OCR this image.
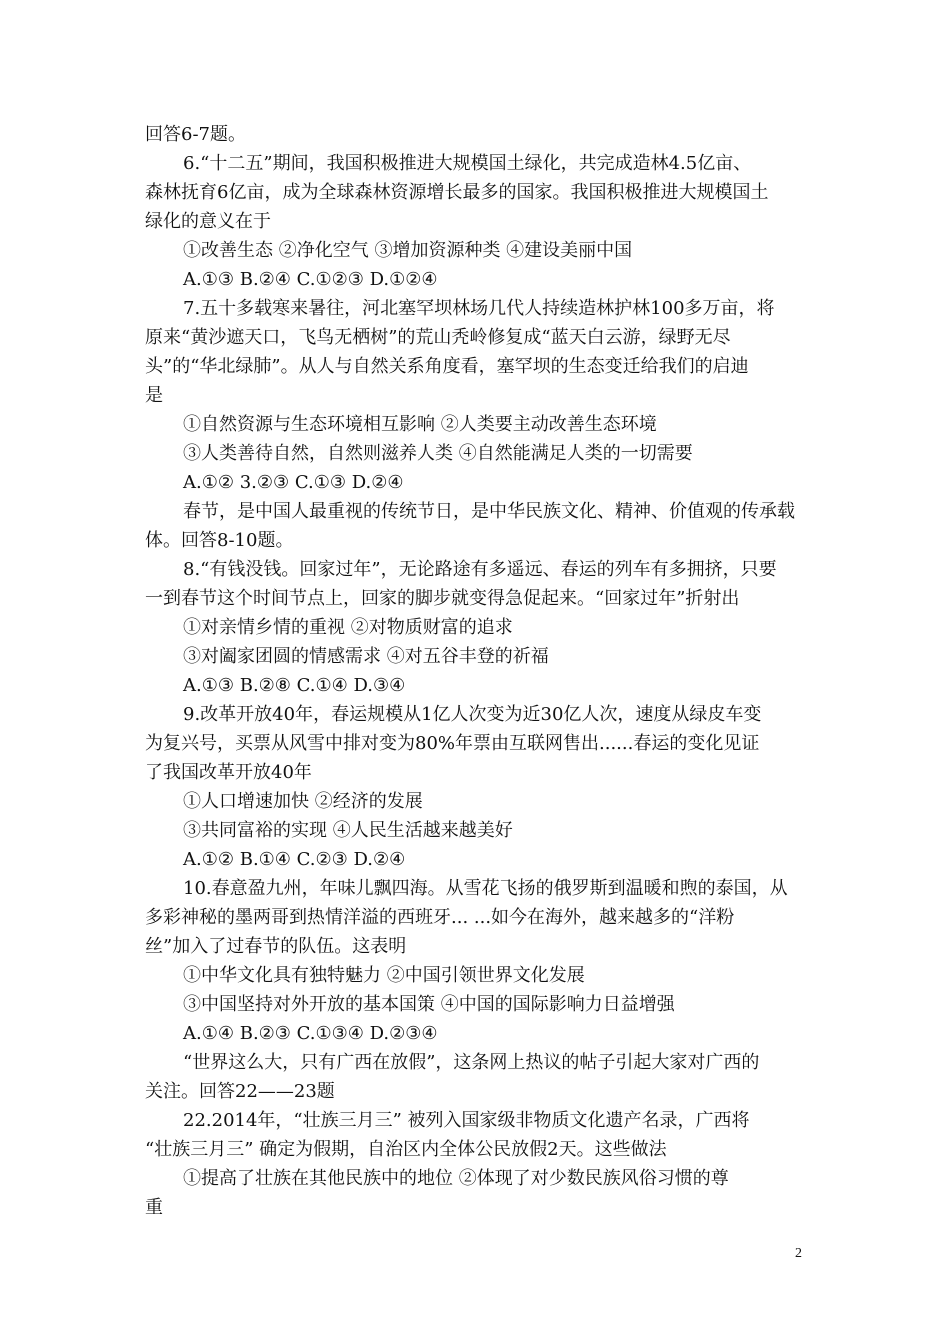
回答6-7题。
6.“十二五”期间，我国积极推进大规模国土绿化，共完成造林4.5亿亩、
森林抚育6亿亩，成为全球森林资源增长最多的国家。我国积极推进大规模国土
绿化的意义在于
①改善生态 ②净化空气 ③增加资源种类 ④建设美丽中国
A.①③ B.②④ C.①②③ D.①②④
7.五十多载寒来暑往，河北塞罕坝林场几代人持续造林护林100多万亩，将
原来“黄沙遮天口，飞鸟无栖树”的荒山秃岭修复成“蓝天白云游，绿野无尽
头”的“华北绿肺”。从人与自然关系角度看，塞罕坝的生态变迁给我们的启迪
是
①自然资源与生态环境相互影响 ②人类要主动改善生态环境
③人类善待自然，自然则滋养人类 ④自然能满足人类的一切需要
A.①② 3.②③ C.①③ D.②④
春节，是中国人最重视的传统节日，是中华民族文化、精神、价值观的传承载
体。回答8-10题。
8.“有钱没钱。回家过年”，无论路途有多遥远、春运的列车有多拥挤，只要
一到春节这个时间节点上，回家的脚步就变得急促起来。“回家过年”折射出
①对亲情乡情的重视 ②对物质财富的追求
③对阖家团圆的情感需求 ④对五谷丰登的祈福
A.①③ B.②⑧ C.①④ D.③④
9.改革开放40年，春运规模从1亿人次变为近30亿人次，速度从绿皮车变
为复兴号，买票从风雪中排对变为80%年票由互联网售出......春运的变化见证
了我国改革开放40年
①人口增速加快 ②经济的发展
③共同富裕的实现 ④人民生活越来越美好
A.①② B.①④ C.②③ D.②④
10.春意盈九州，年味儿飘四海。从雪花飞扬的俄罗斯到温暖和煦的泰国，从
多彩神秘的墨两哥到热情洋溢的西班牙... ...如今在海外，越来越多的“洋粉
丝”加入了过春节的队伍。这表明
①中华文化具有独特魅力 ②中国引领世界文化发展
③中国坚持对外开放的基本国策 ④中国的国际影响力日益增强
A.①④ B.②③ C.①③④ D.②③④
“世界这么大，只有广西在放假”，这条网上热议的帖子引起大家对广西的
关注。回答22——23题
22.2014年，“壮族三月三” 被列入国家级非物质文化遗产名录，广西将
“壮族三月三” 确定为假期，自治区内全体公民放假2天。这些做法
①提高了壮族在其他民族中的地位 ②体现了对少数民族风俗习惯的尊
重
2
